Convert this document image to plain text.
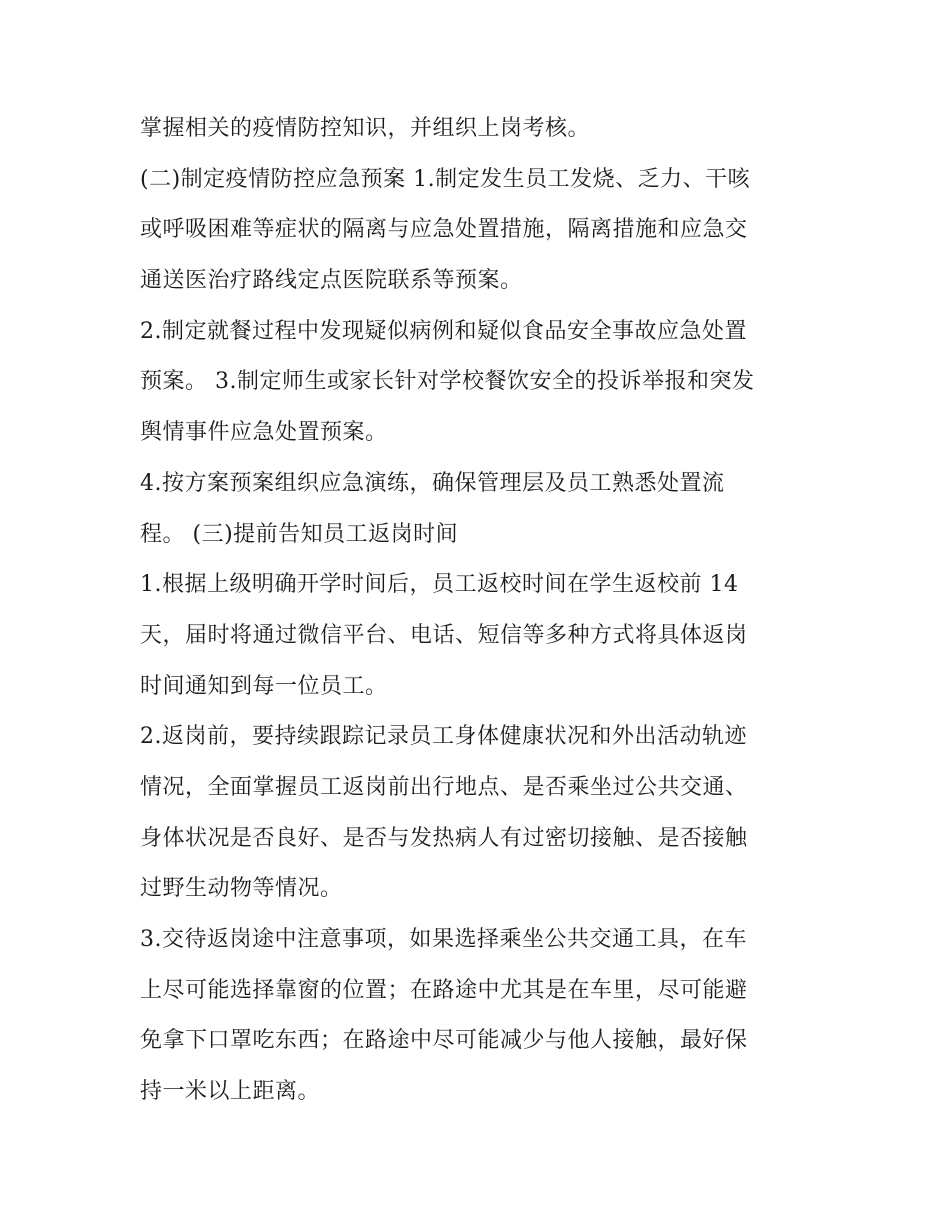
掌握相关的疫情防控知识，并组织上岗考核。
(二)制定疫情防控应急预案 1.制定发生员工发烧、乏力、干咳
或呼吸困难等症状的隔离与应急处置措施，隔离措施和应急交
通送医治疗路线定点医院联系等预案。
2.制定就餐过程中发现疑似病例和疑似食品安全事故应急处置
预案。 3.制定师生或家长针对学校餐饮安全的投诉举报和突发
舆情事件应急处置预案。
4.按方案预案组织应急演练，确保管理层及员工熟悉处置流
程。 (三)提前告知员工返岗时间
1.根据上级明确开学时间后，员工返校时间在学生返校前 14
天，届时将通过微信平台、电话、短信等多种方式将具体返岗
时间通知到每一位员工。
2.返岗前，要持续跟踪记录员工身体健康状况和外出活动轨迹
情况，全面掌握员工返岗前出行地点、是否乘坐过公共交通、
身体状况是否良好、是否与发热病人有过密切接触、是否接触
过野生动物等情况。
3.交待返岗途中注意事项，如果选择乘坐公共交通工具，在车
上尽可能选择靠窗的位置；在路途中尤其是在车里，尽可能避
免拿下口罩吃东西；在路途中尽可能减少与他人接触，最好保
持一米以上距离。
